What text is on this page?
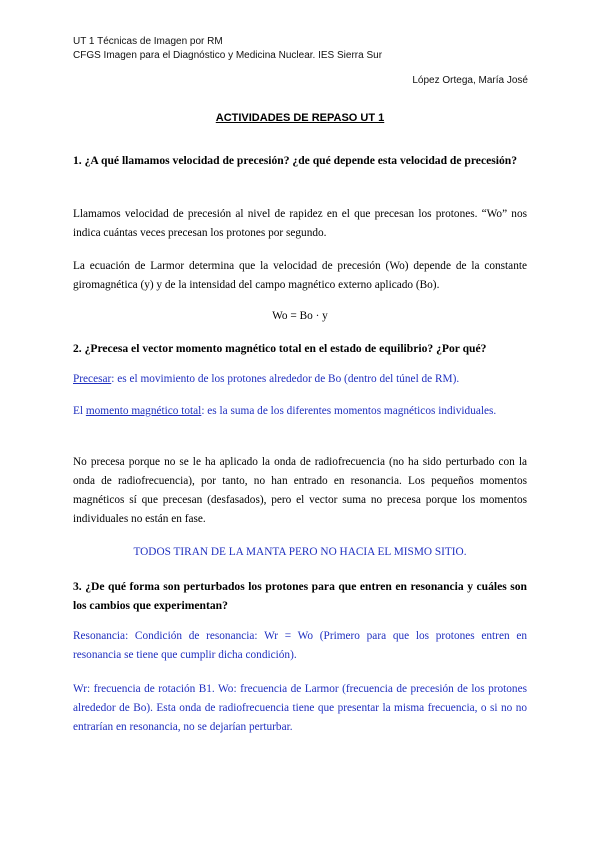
UT 1 Técnicas de Imagen por RM
CFGS Imagen para el Diagnóstico y Medicina Nuclear. IES Sierra Sur
López Ortega, María José
ACTIVIDADES DE REPASO UT 1
1. ¿A qué llamamos velocidad de precesión? ¿de qué depende esta velocidad de precesión?
Llamamos velocidad de precesión al nivel de rapidez en el que precesan los protones. “Wo” nos indica cuántas veces precesan los protones por segundo.
La ecuación de Larmor determina que la velocidad de precesión (Wo) depende de la constante giromagnética (y) y de la intensidad del campo magnético externo aplicado (Bo).
Wo = Bo · y
2. ¿Precesa el vector momento magnético total en el estado de equilibrio? ¿Por qué?
Precesar: es el movimiento de los protones alrededor de Bo (dentro del túnel de RM).
El momento magnético total: es la suma de los diferentes momentos magnéticos individuales.
No precesa porque no se le ha aplicado la onda de radiofrecuencia (no ha sido perturbado con la onda de radiofrecuencia), por tanto, no han entrado en resonancia. Los pequeños momentos magnéticos sí que precesan (desfasados), pero el vector suma no precesa porque los momentos individuales no están en fase.
TODOS TIRAN DE LA MANTA PERO NO HACIA EL MISMO SITIO.
3. ¿De qué forma son perturbados los protones para que entren en resonancia y cuáles son los cambios que experimentan?
Resonancia: Condición de resonancia: Wr = Wo (Primero para que los protones entren en resonancia se tiene que cumplir dicha condición).
Wr: frecuencia de rotación B1. Wo: frecuencia de Larmor (frecuencia de precesión de los protones alrededor de Bo). Esta onda de radiofrecuencia tiene que presentar la misma frecuencia, o si no no entrarían en resonancia, no se dejarían perturbar.
